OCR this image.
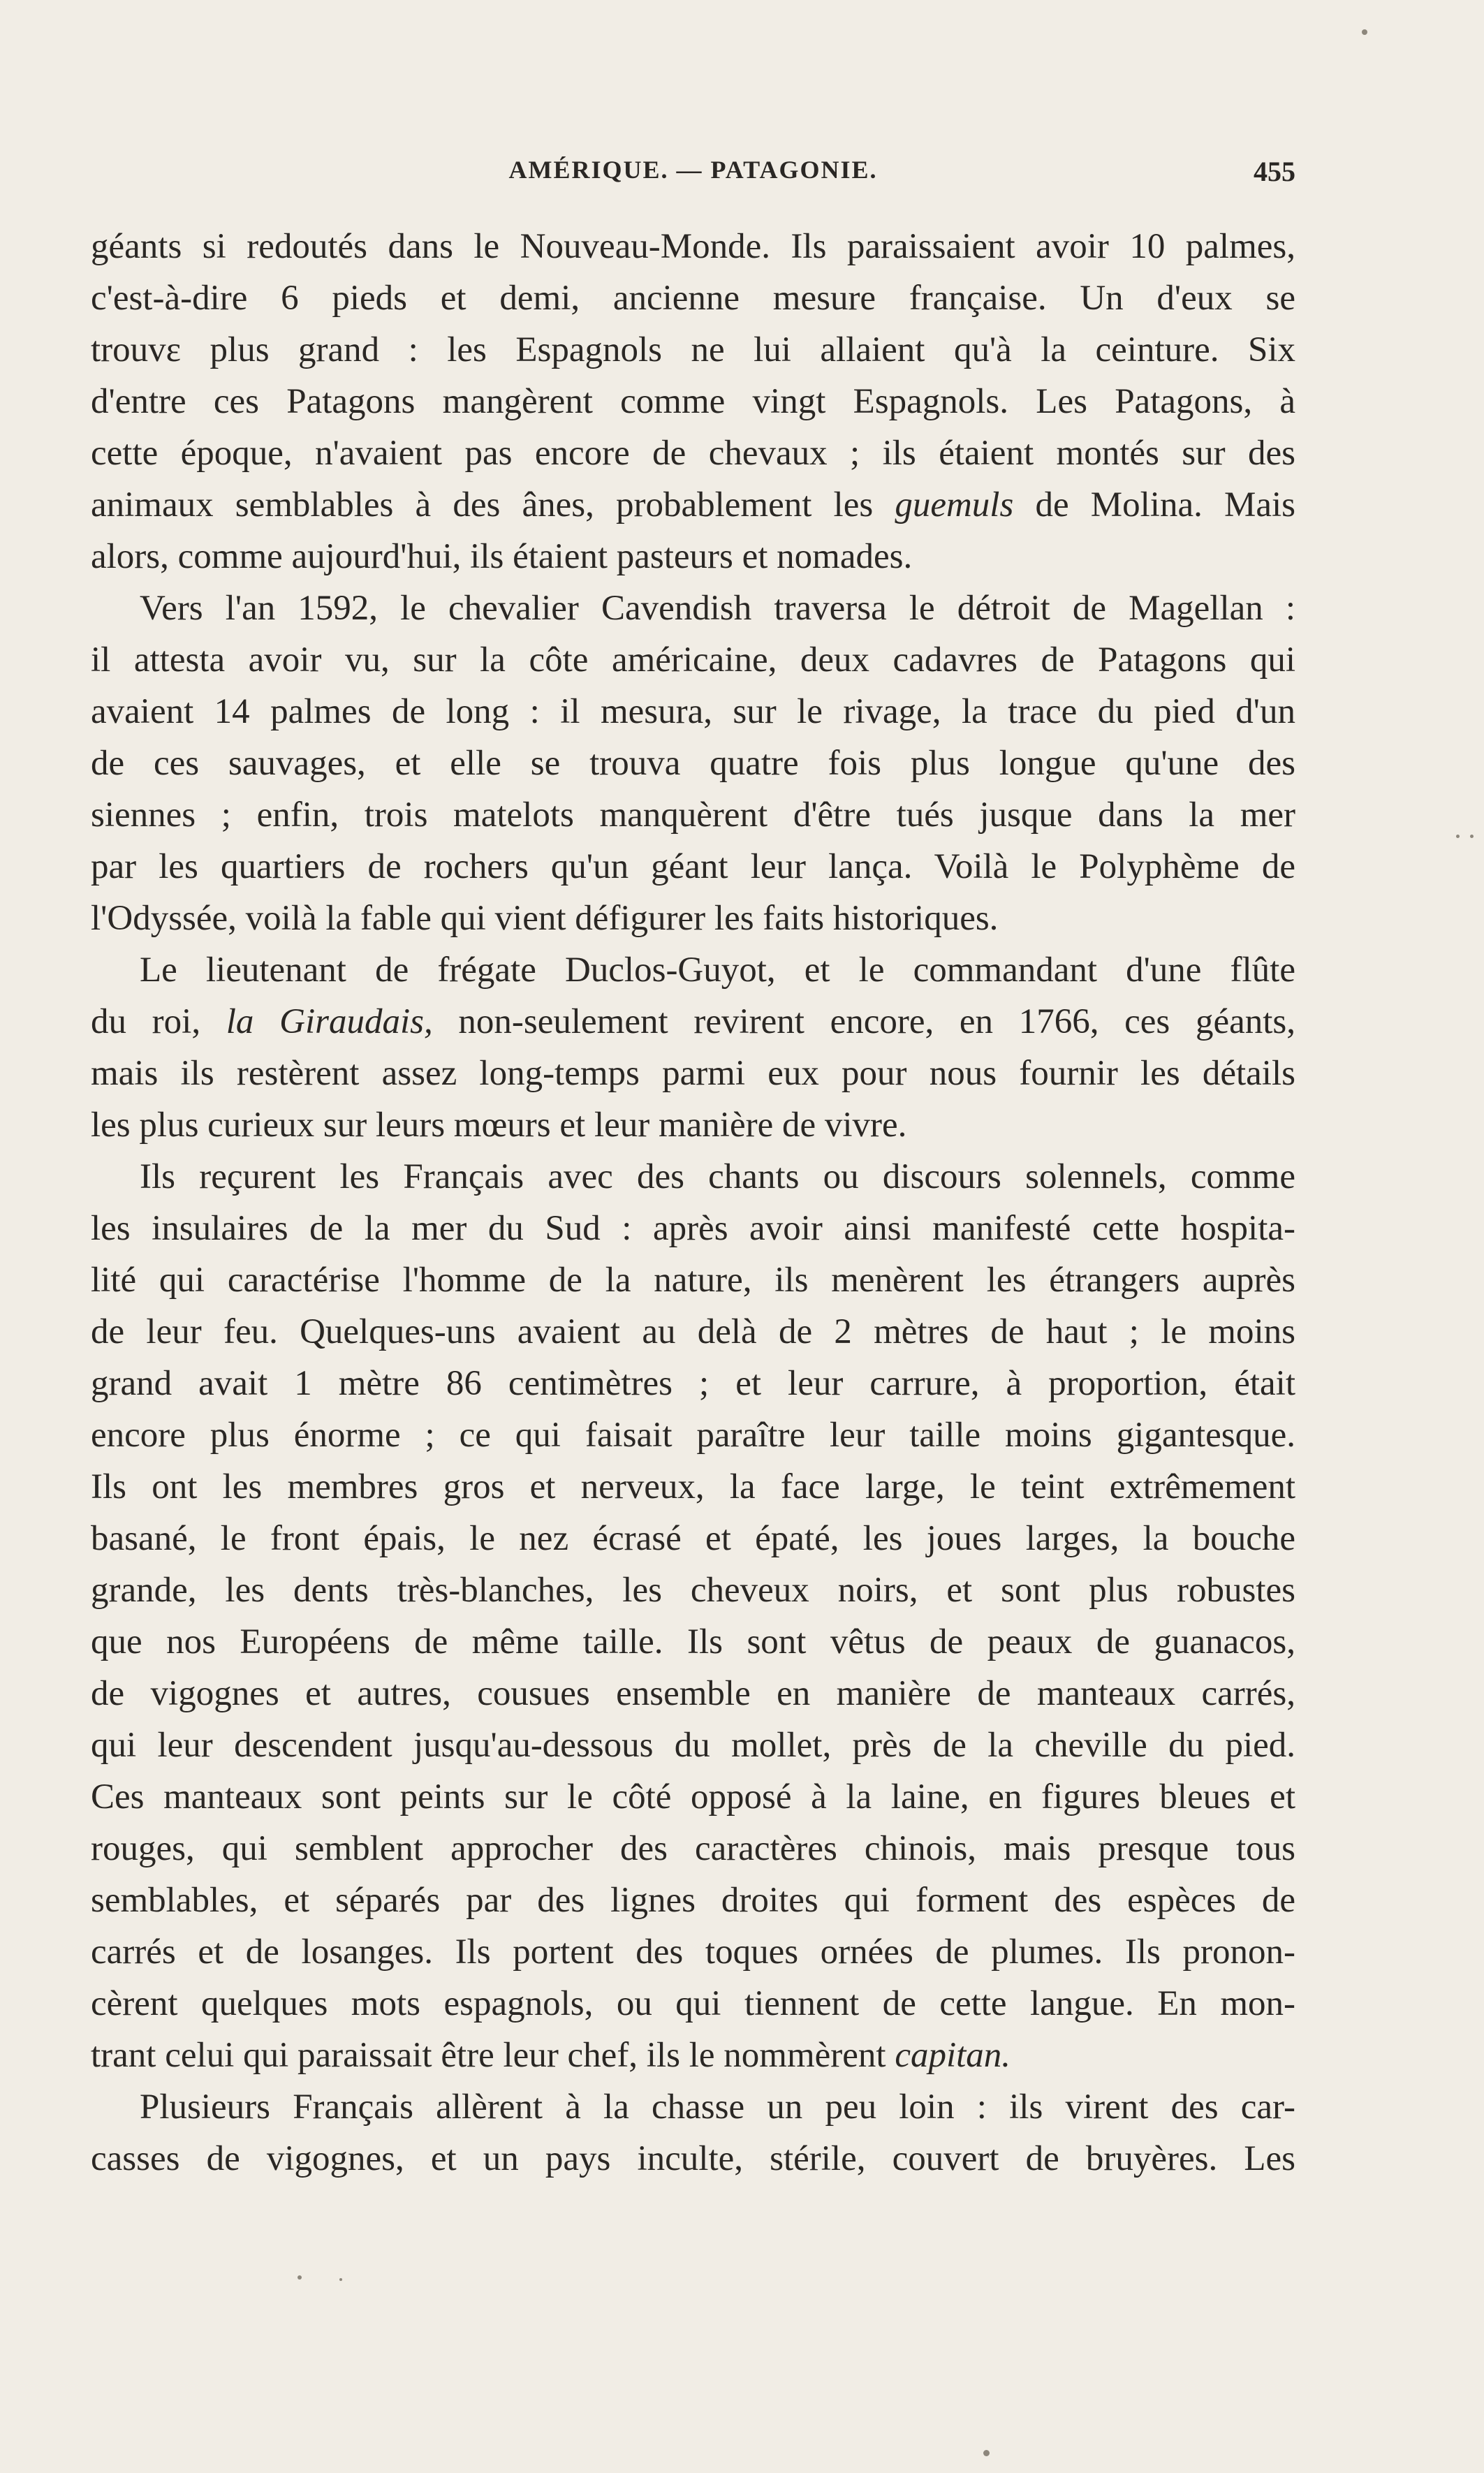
AMÉRIQUE. — PATAGONIE.	455
géants si redoutés dans le Nouveau-Monde. Ils paraissaient avoir 10 palmes,
c'est-à-dire 6 pieds et demi, ancienne mesure française. Un d'eux se
trouvε plus grand : les Espagnols ne lui allaient qu'à la ceinture. Six
d'entre ces Patagons mangèrent comme vingt Espagnols. Les Patagons, à
cette époque, n'avaient pas encore de chevaux ; ils étaient montés sur des
animaux semblables à des ânes, probablement les guemuls de Molina. Mais
alors, comme aujourd'hui, ils étaient pasteurs et nomades.
Vers l'an 1592, le chevalier Cavendish traversa le détroit de Magellan :
il attesta avoir vu, sur la côte américaine, deux cadavres de Patagons qui
avaient 14 palmes de long : il mesura, sur le rivage, la trace du pied d'un
de ces sauvages, et elle se trouva quatre fois plus longue qu'une des
siennes ; enfin, trois matelots manquèrent d'être tués jusque dans la mer
par les quartiers de rochers qu'un géant leur lança. Voilà le Polyphème de
l'Odyssée, voilà la fable qui vient défigurer les faits historiques.
Le lieutenant de frégate Duclos-Guyot, et le commandant d'une flûte
du roi, la Giraudais, non-seulement revirent encore, en 1766, ces géants,
mais ils restèrent assez long-temps parmi eux pour nous fournir les détails
les plus curieux sur leurs mœurs et leur manière de vivre.
Ils reçurent les Français avec des chants ou discours solennels, comme
les insulaires de la mer du Sud : après avoir ainsi manifesté cette hospita-
lité qui caractérise l'homme de la nature, ils menèrent les étrangers auprès
de leur feu. Quelques-uns avaient au delà de 2 mètres de haut ; le moins
grand avait 1 mètre 86 centimètres ; et leur carrure, à proportion, était
encore plus énorme ; ce qui faisait paraître leur taille moins gigantesque.
Ils ont les membres gros et nerveux, la face large, le teint extrêmement
basané, le front épais, le nez écrasé et épaté, les joues larges, la bouche
grande, les dents très-blanches, les cheveux noirs, et sont plus robustes
que nos Européens de même taille. Ils sont vêtus de peaux de guanacos,
de vigognes et autres, cousues ensemble en manière de manteaux carrés,
qui leur descendent jusqu'au-dessous du mollet, près de la cheville du pied.
Ces manteaux sont peints sur le côté opposé à la laine, en figures bleues et
rouges, qui semblent approcher des caractères chinois, mais presque tous
semblables, et séparés par des lignes droites qui forment des espèces de
carrés et de losanges. Ils portent des toques ornées de plumes. Ils pronon-
cèrent quelques mots espagnols, ou qui tiennent de cette langue. En mon-
trant celui qui paraissait être leur chef, ils le nommèrent capitan.
Plusieurs Français allèrent à la chasse un peu loin : ils virent des car-
casses de vigognes, et un pays inculte, stérile, couvert de bruyères. Les
